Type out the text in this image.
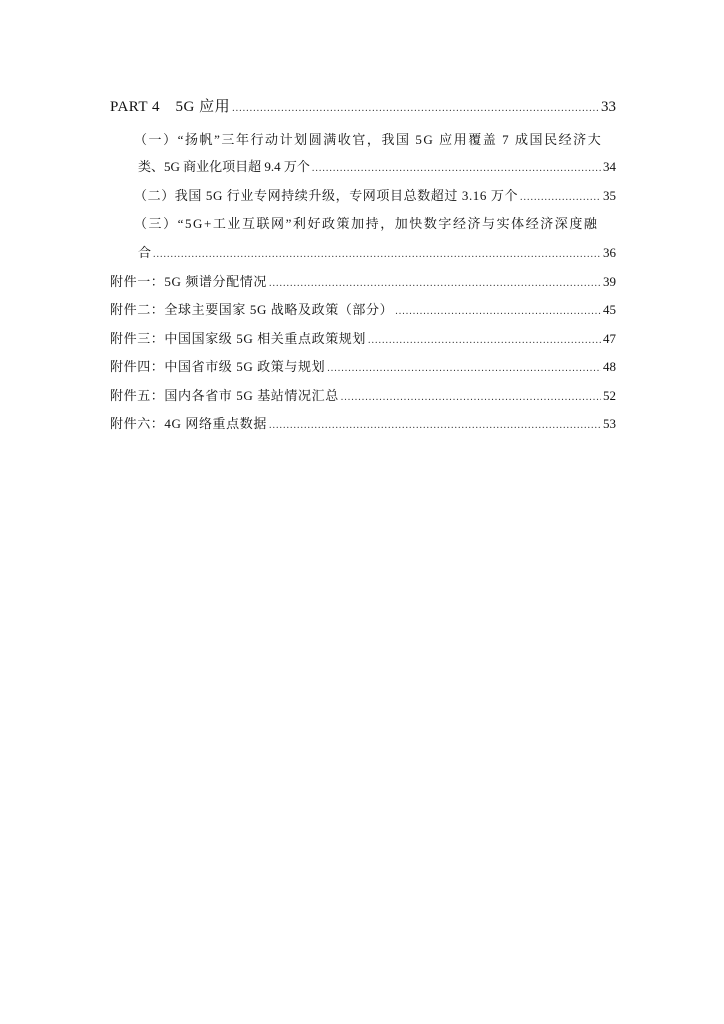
PART 4　5G 应用 .....	33
（一）“扬帆”三年行动计划圆满收官，我国 5G 应用覆盖 7 成国民经济大
类、5G 商业化项目超 9.4 万个 .....	34
（二）我国 5G 行业专网持续升级，专网项目总数超过 3.16 万个 .....	35
（三）“5G+工业互联网”利好政策加持，加快数字经济与实体经济深度融
合 .....	36
附件一：5G 频谱分配情况 .....	39
附件二：全球主要国家 5G 战略及政策（部分） .....	45
附件三：中国国家级 5G 相关重点政策规划 .....	47
附件四：中国省市级 5G 政策与规划 .....	48
附件五：国内各省市 5G 基站情况汇总 .....	52
附件六：4G 网络重点数据 .....	53
